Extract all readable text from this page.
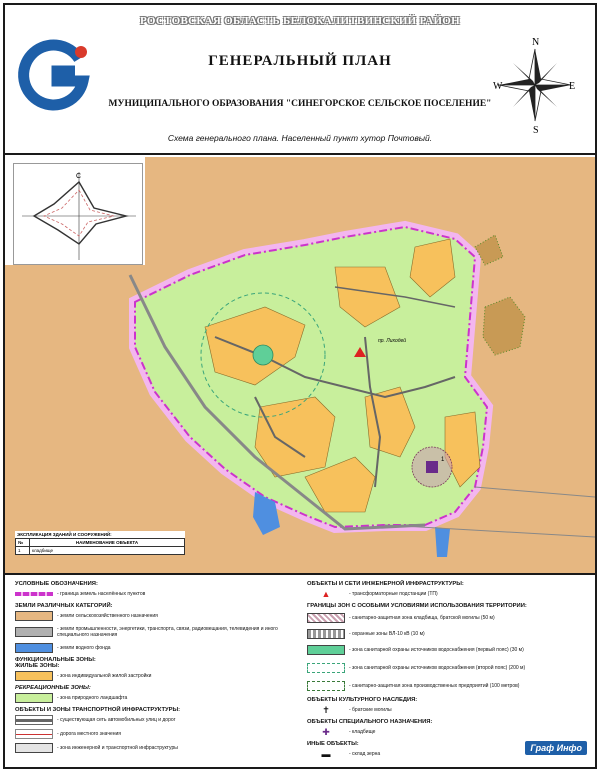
РОСТОВСКАЯ ОБЛАСТЬ БЕЛОКАЛИТВИНСКИЙ РАЙОН
ГЕНЕРАЛЬНЫЙ ПЛАН
МУНИЦИПАЛЬНОГО ОБРАЗОВАНИЯ "СИНЕГОРСКОЕ СЕЛЬСКОЕ ПОСЕЛЕНИЕ"
Схема генерального плана. Населенный пункт хутор Почтовый.
N
S
E
W
пр. Лиходей
1
С
ЭКСПЛИКАЦИЯ ЗДАНИЙ И СООРУЖЕНИЙ:
№	НАИМЕНОВАНИЕ ОБЪЕКТА
1	кладбище
УСЛОВНЫЕ ОБОЗНАЧЕНИЯ:
- граница земель населённых пунктов
ЗЕМЛИ РАЗЛИЧНЫХ КАТЕГОРИЙ:
- земли сельскохозяйственного назначения
- земли промышленности, энергетики, транспорта, связи, радиовещания, телевидения и иного специального назначения
- земли водного фонда
ФУНКЦИОНАЛЬНЫЕ ЗОНЫ:
ЖИЛЫЕ ЗОНЫ:
- зона индивидуальной жилой застройки
РЕКРЕАЦИОННЫЕ ЗОНЫ:
- зона природного ландшафта
ОБЪЕКТЫ И ЗОНЫ ТРАНСПОРТНОЙ ИНФРАСТРУКТУРЫ:
- существующая сеть автомобильных улиц и дорог
- дорога местного значения
- зона инженерной и транспортной инфраструктуры
ОБЪЕКТЫ И СЕТИ ИНЖЕНЕРНОЙ ИНФРАСТРУКТУРЫ:
▲	- трансформаторные подстанции (ТП)
ГРАНИЦЫ ЗОН С ОСОБЫМИ УСЛОВИЯМИ ИСПОЛЬЗОВАНИЯ ТЕРРИТОРИИ:
- санитарно-защитная зона кладбища, братской могилы (50 м)
- охранные зоны ВЛ-10 кВ (10 м)
- зона санитарной охраны источников водоснабжения (первый пояс) (30 м)
- зона санитарной охраны источников водоснабжения (второй пояс) (200 м)
- санитарно-защитная зона производственных предприятий (100 метров)
ОБЪЕКТЫ КУЛЬТУРНОГО НАСЛЕДИЯ:
✝	- братские могилы
ОБЪЕКТЫ СПЕЦИАЛЬНОГО НАЗНАЧЕНИЯ:
✚	- кладбище
ИНЫЕ ОБЪЕКТЫ:
▬	- склад зерна
Граф Инфо
